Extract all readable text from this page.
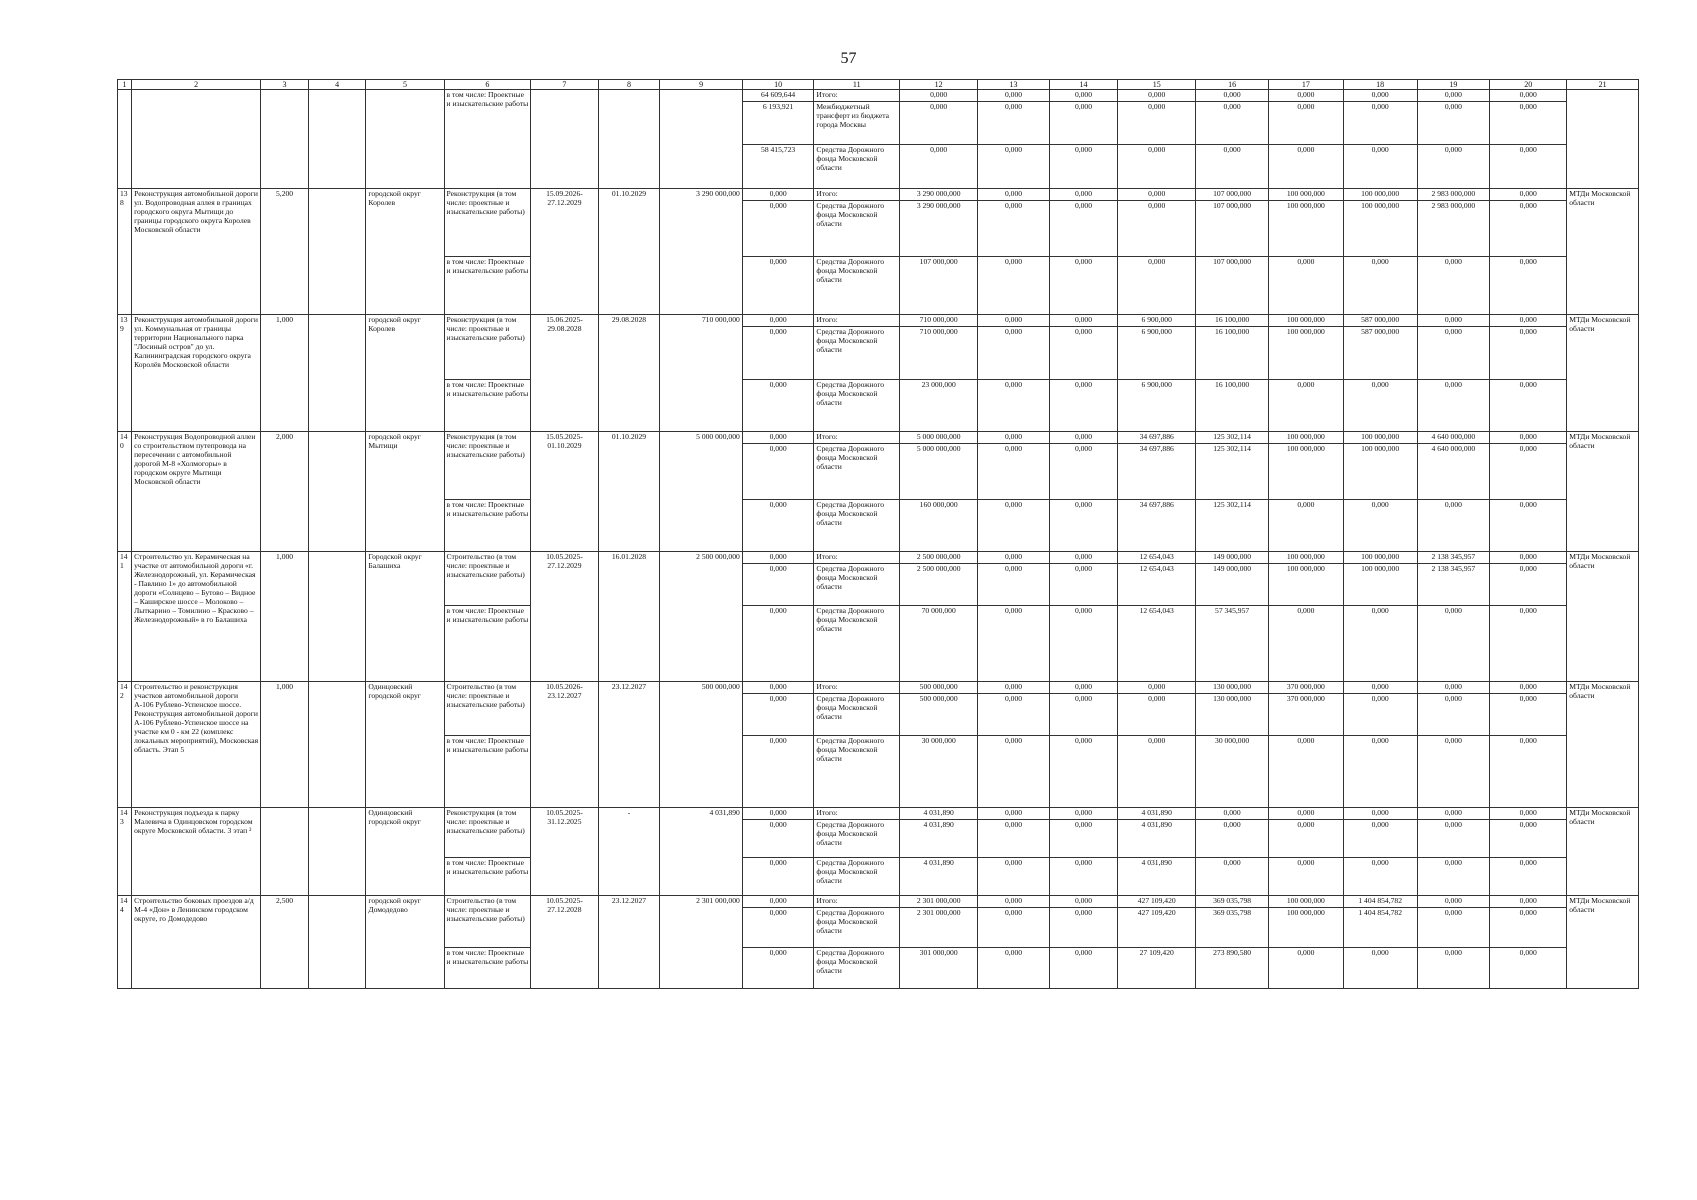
57
1	2	3	4	5	6	7	8	9	10	11	12	13	14	15	16	17	18	19	20	21
					в том числе: Проектные и изыскательские работы				64 609,644	Итого:	0,000	0,000	0,000	0,000	0,000	0,000	0,000	0,000	0,000	
									6 193,921	Межбюджетный трансферт из бюджета города Москвы	0,000	0,000	0,000	0,000	0,000	0,000	0,000	0,000	0,000	
									58 415,723	Средства Дорожного фонда Московской области	0,000	0,000	0,000	0,000	0,000	0,000	0,000	0,000	0,000	
138	Реконструкция автомобильной дороги ул. Водопроводная аллея в границах городского округа Мытищи до границы городского округа Королев Московской области	5,200		городской округ Королев	Реконструкция (в том числе: проектные и изыскательские работы)	15.09.2026-27.12.2029	01.10.2029	3 290 000,000	0,000	Итого:	3 290 000,000	0,000	0,000	0,000	107 000,000	100 000,000	100 000,000	2 983 000,000	0,000	МТДи Московской области
									0,000	Средства Дорожного фонда Московской области	3 290 000,000	0,000	0,000	0,000	107 000,000	100 000,000	100 000,000	2 983 000,000	0,000	
					в том числе: Проектные и изыскательские работы				0,000	Средства Дорожного фонда Московской области	107 000,000	0,000	0,000	0,000	107 000,000	0,000	0,000	0,000	0,000	
139	Реконструкция автомобильной дороги ул. Коммунальная от границы территории Национального парка "Лосиный остров" до ул. Калининградская городского округа Королёв Московской области	1,000		городской округ Королев	Реконструкция (в том числе: проектные и изыскательские работы)	15.06.2025-29.08.2028	29.08.2028	710 000,000	0,000	Итого:	710 000,000	0,000	0,000	6 900,000	16 100,000	100 000,000	587 000,000	0,000	0,000	МТДи Московской области
									0,000	Средства Дорожного фонда Московской области	710 000,000	0,000	0,000	6 900,000	16 100,000	100 000,000	587 000,000	0,000	0,000	
					в том числе: Проектные и изыскательские работы				0,000	Средства Дорожного фонда Московской области	23 000,000	0,000	0,000	6 900,000	16 100,000	0,000	0,000	0,000	0,000	
140	Реконструкция Водопроводной аллеи со строительством путепровода на пересечении с автомобильной дорогой М-8 «Холмогоры» в городском округе Мытищи Московской области	2,000		городской округ Мытищи	Реконструкция (в том числе: проектные и изыскательские работы)	15.05.2025-01.10.2029	01.10.2029	5 000 000,000	0,000	Итого:	5 000 000,000	0,000	0,000	34 697,886	125 302,114	100 000,000	100 000,000	4 640 000,000	0,000	МТДи Московской области
									0,000	Средства Дорожного фонда Московской области	5 000 000,000	0,000	0,000	34 697,886	125 302,114	100 000,000	100 000,000	4 640 000,000	0,000	
					в том числе: Проектные и изыскательские работы				0,000	Средства Дорожного фонда Московской области	160 000,000	0,000	0,000	34 697,886	125 302,114	0,000	0,000	0,000	0,000	
141	Строительство ул. Керамическая на участке от автомобильной дороги «г. Железнодорожный, ул. Керамическая - Павлино 1» до автомобильной дороги «Солнцево – Бутово – Видное – Каширское шоссе – Молоково – Лыткарино – Томилино – Красково – Железнодорожный» в го Балашиха	1,000		Городской округ Балашиха	Строительство (в том числе: проектные и изыскательские работы)	10.05.2025-27.12.2029	16.01.2028	2 500 000,000	0,000	Итого:	2 500 000,000	0,000	0,000	12 654,043	149 000,000	100 000,000	100 000,000	2 138 345,957	0,000	МТДи Московской области
									0,000	Средства Дорожного фонда Московской области	2 500 000,000	0,000	0,000	12 654,043	149 000,000	100 000,000	100 000,000	2 138 345,957	0,000	
					в том числе: Проектные и изыскательские работы				0,000	Средства Дорожного фонда Московской области	70 000,000	0,000	0,000	12 654,043	57 345,957	0,000	0,000	0,000	0,000	
142	Строительство и реконструкция участков автомобильной дороги А-106 Рублево-Успенское шоссе. Реконструкция автомобильной дороги А-106 Рублево-Успенское шоссе на участке км 0 - км 22 (комплекс локальных мероприятий), Московская область. Этап 5	1,000		Одинцовский городской округ	Строительство (в том числе: проектные и изыскательские работы)	10.05.2026-23.12.2027	23.12.2027	500 000,000	0,000	Итого:	500 000,000	0,000	0,000	0,000	130 000,000	370 000,000	0,000	0,000	0,000	МТДи Московской области
									0,000	Средства Дорожного фонда Московской области	500 000,000	0,000	0,000	0,000	130 000,000	370 000,000	0,000	0,000	0,000	
					в том числе: Проектные и изыскательские работы				0,000	Средства Дорожного фонда Московской области	30 000,000	0,000	0,000	0,000	30 000,000	0,000	0,000	0,000	0,000	
143	Реконструкция подъезда к парку Малевича в Одинцовском городском округе Московской области. 3 этап ²			Одинцовский городской округ	Реконструкция (в том числе: проектные и изыскательские работы)	10.05.2025-31.12.2025	-	4 031,890	0,000	Итого:	4 031,890	0,000	0,000	4 031,890	0,000	0,000	0,000	0,000	0,000	МТДи Московской области
									0,000	Средства Дорожного фонда Московской области	4 031,890	0,000	0,000	4 031,890	0,000	0,000	0,000	0,000	0,000	
					в том числе: Проектные и изыскательские работы				0,000	Средства Дорожного фонда Московской области	4 031,890	0,000	0,000	4 031,890	0,000	0,000	0,000	0,000	0,000	
144	Строительство боковых проездов а/д М-4 «Дон» в Ленинском городском округе, го Домодедово	2,500		городской округ Домодедово	Строительство (в том числе: проектные и изыскательские работы)	10.05.2025-27.12.2028	23.12.2027	2 301 000,000	0,000	Итого:	2 301 000,000	0,000	0,000	427 109,420	369 035,798	100 000,000	1 404 854,782	0,000	0,000	МТДи Московской области
									0,000	Средства Дорожного фонда Московской области	2 301 000,000	0,000	0,000	427 109,420	369 035,798	100 000,000	1 404 854,782	0,000	0,000	
					в том числе: Проектные и изыскательские работы				0,000	Средства Дорожного фонда Московской области	301 000,000	0,000	0,000	27 109,420	273 890,580	0,000	0,000	0,000	0,000	
